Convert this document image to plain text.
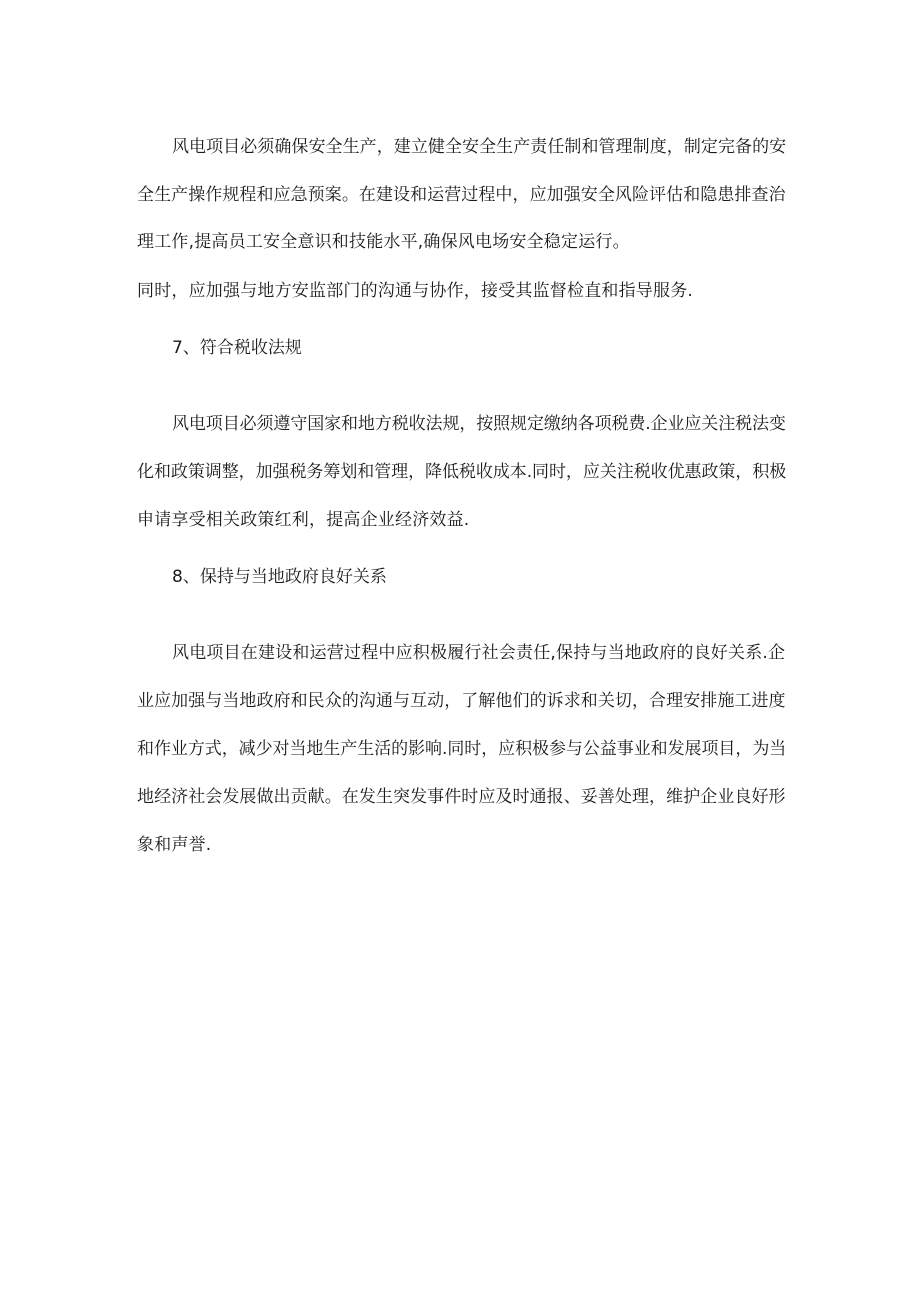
风电项目必须确保安全生产，建立健全安全生产责任制和管理制度，制定完备的安
全生产操作规程和应急预案。在建设和运营过程中，应加强安全风险评估和隐患排查治
理工作,提高员工安全意识和技能水平,确保风电场安全稳定运行。
同时，应加强与地方安监部门的沟通与协作，接受其监督检直和指导服务.
7、符合税收法规
风电项目必须遵守国家和地方税收法规，按照规定缴纳各项税费.企业应关注税法变
化和政策调整，加强税务筹划和管理，降低税收成本.同时，应关注税收优惠政策，积极
申请享受相关政策红利，提高企业经济效益.
8、保持与当地政府良好关系
风电项目在建设和运营过程中应积极履行社会责任,保持与当地政府的良好关系.企
业应加强与当地政府和民众的沟通与互动，了解他们的诉求和关切，合理安排施工进度
和作业方式，减少对当地生产生活的影响.同时，应积极参与公益事业和发展项目，为当
地经济社会发展做出贡献。在发生突发事件时应及时通报、妥善处理，维护企业良好形
象和声誉.
